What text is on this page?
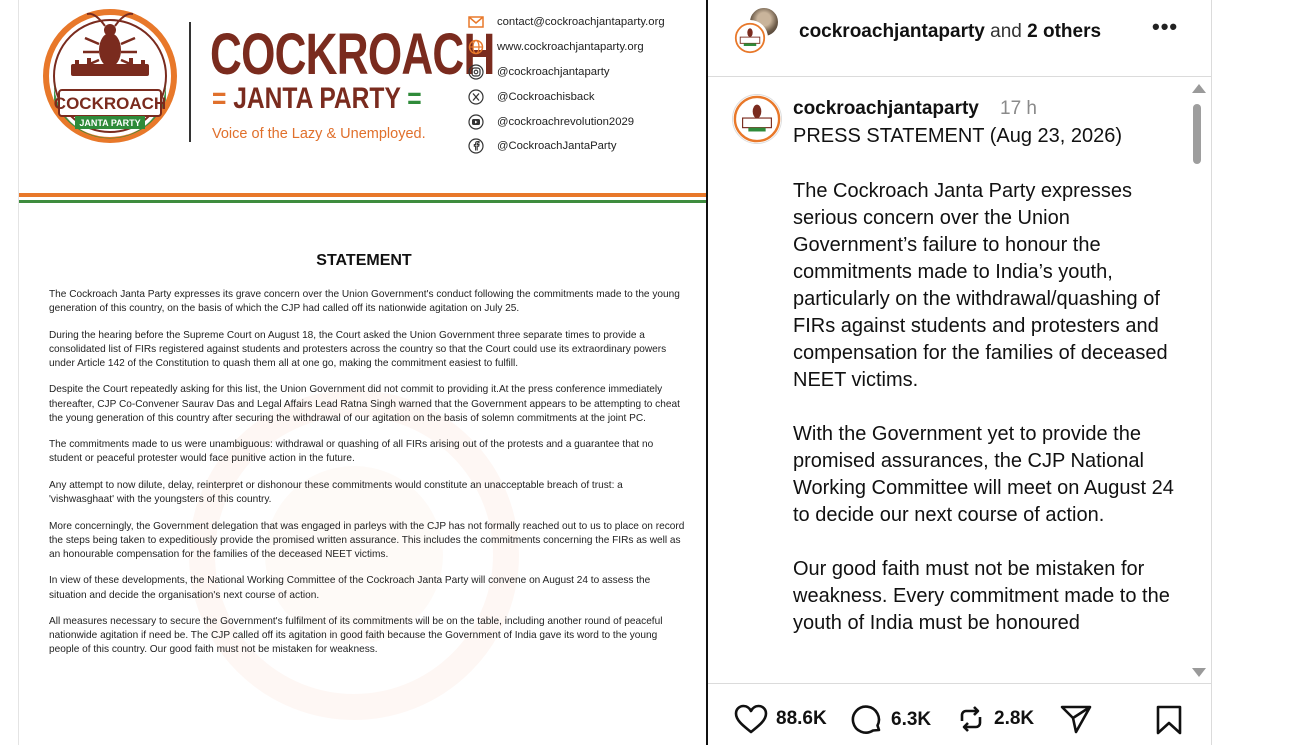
COCKROACH
JANTA PARTY
COCKROACH
= JANTA PARTY =
Voice of the Lazy & Unemployed.
contact@cockroachjantaparty.org
www.cockroachjantaparty.org
@cockroachjantaparty
@Cockroachisback
@cockroachrevolution2029
@CockroachJantaParty
STATEMENT

The Cockroach Janta Party expresses its grave concern over the Union Government's conduct following the commitments made to the young generation of this country, on the basis of which the CJP had called off its nationwide agitation on July 25.

During the hearing before the Supreme Court on August 18, the Court asked the Union Government three separate times to provide a consolidated list of FIRs registered against students and protesters across the country so that the Court could use its extraordinary powers under Article 142 of the Constitution to quash them all at one go, making the commitment easiest to fulfill.

Despite the Court repeatedly asking for this list, the Union Government did not commit to providing it.At the press conference immediately thereafter, CJP Co-Convener Saurav Das and Legal Affairs Lead Ratna Singh warned that the Government appears to be attempting to cheat the young generation of this country after securing the withdrawal of our agitation on the basis of solemn commitments at the joint PC.

The commitments made to us were unambiguous: withdrawal or quashing of all FIRs arising out of the protests and a guarantee that no student or peaceful protester would face punitive action in the future.

Any attempt to now dilute, delay, reinterpret or dishonour these commitments would constitute an unacceptable breach of trust: a 'vishwasghaat' with the youngsters of this country.

More concerningly, the Government delegation that was engaged in parleys with the CJP has not formally reached out to us to place on record the steps being taken to expeditiously provide the promised written assurance. This includes the commitments concerning the FIRs as well as an honourable compensation for the families of the deceased NEET victims.

In view of these developments, the National Working Committee of the Cockroach Janta Party will convene on August 24 to assess the situation and decide the organisation's next course of action.

All measures necessary to secure the Government's fulfilment of its commitments will be on the table, including another round of peaceful nationwide agitation if need be. The CJP called off its agitation in good faith because the Government of India gave its word to the young people of this country. Our good faith must not be mistaken for weakness.

cockroachjantaparty and 2 others •••
cockroachjantaparty 17 h
PRESS STATEMENT (Aug 23, 2026)

The Cockroach Janta Party expresses serious concern over the Union Government’s failure to honour the commitments made to India’s youth, particularly on the withdrawal/quashing of FIRs against students and protesters and compensation for the families of deceased NEET victims.

With the Government yet to provide the promised assurances, the CJP National Working Committee will meet on August 24 to decide our next course of action.

Our good faith must not be mistaken for weakness. Every commitment made to the youth of India must be honoured

88.6K	6.3K	2.8K
